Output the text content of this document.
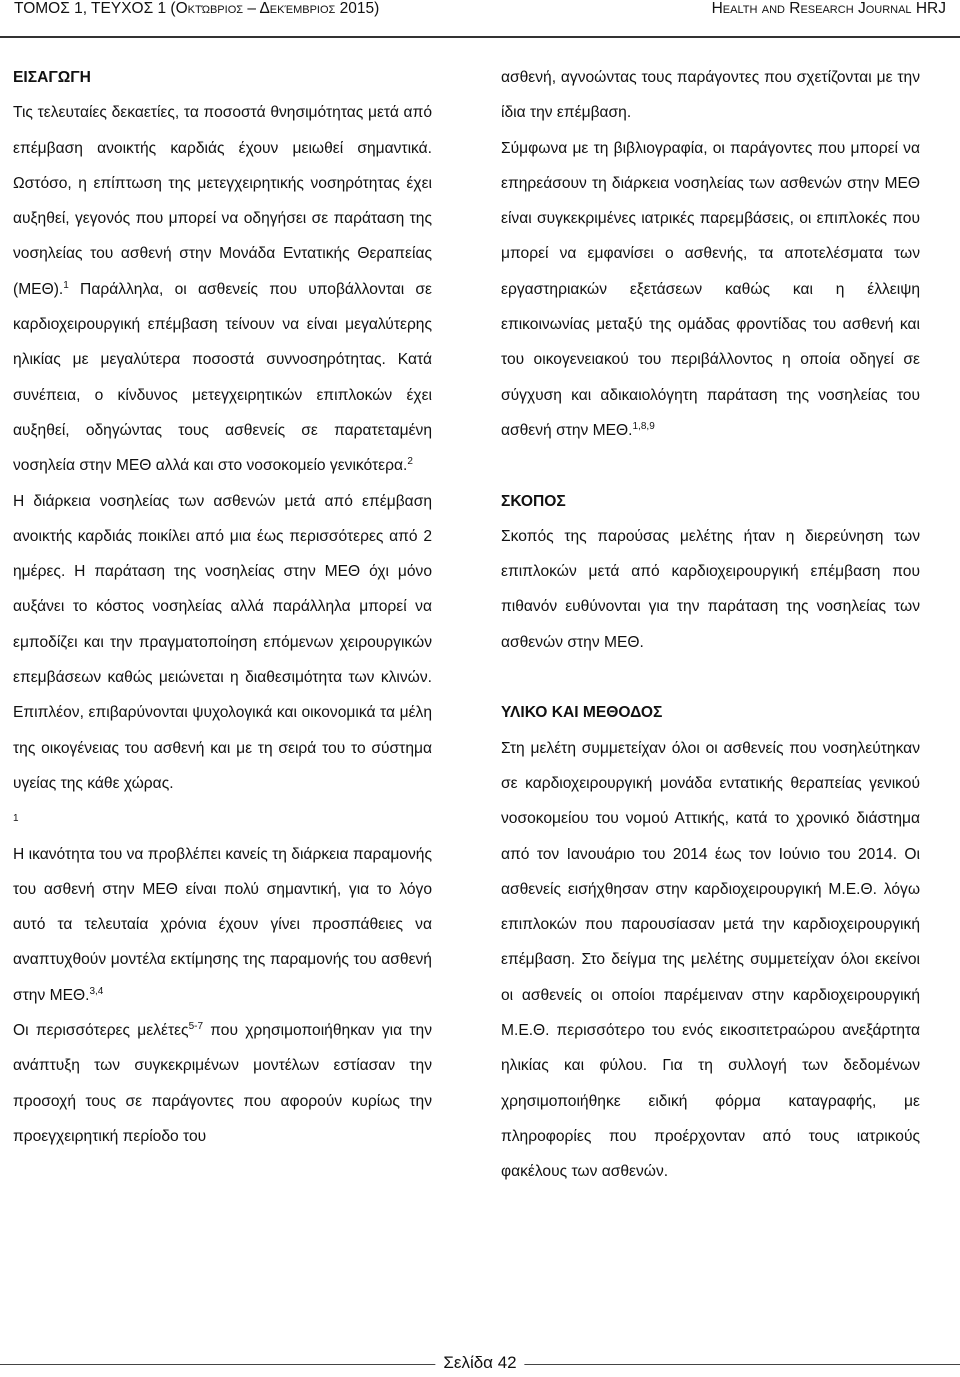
ΤΟΜΟΣ 1, ΤΕΥΧΟΣ 1 (Οκτώβριος – Δεκέμβριος 2015)	Health and Research Journal HRJ
ΕΙΣΑΓΩΓΗ

Τις τελευταίες δεκαετίες, τα ποσοστά θνησιμότητας μετά από επέμβαση ανοικτής καρδιάς έχουν μειωθεί σημαντικά. Ωστόσο, η επίπτωση της μετεγχειρητικής νοσηρότητας έχει αυξηθεί, γεγονός που μπορεί να οδηγήσει σε παράταση της νοσηλείας του ασθενή στην Μονάδα Εντατικής Θεραπείας (ΜΕΘ).$^1$ Παράλληλα, οι ασθενείς που υποβάλλονται σε καρδιοχειρουργική επέμβαση τείνουν να είναι μεγαλύτερης ηλικίας με μεγαλύτερα ποσοστά συννοσηρότητας. Κατά συνέπεια, ο κίνδυνος μετεγχειρητικών επιπλοκών έχει αυξηθεί, οδηγώντας τους ασθενείς σε παρατεταμένη νοσηλεία στην ΜΕΘ αλλά και στο νοσοκομείο γενικότερα.$^2$

Η διάρκεια νοσηλείας των ασθενών μετά από επέμβαση ανοικτής καρδιάς ποικίλει από μια έως περισσότερες από 2 ημέρες. Η παράταση της νοσηλείας στην ΜΕΘ όχι μόνο αυξάνει το κόστος νοσηλείας αλλά παράλληλα μπορεί να εμποδίζει και την πραγματοποίηση επόμενων χειρουργικών επεμβάσεων καθώς μειώνεται η διαθεσιμότητα των κλινών. Επιπλέον, επιβαρύνονται ψυχολογικά και οικονομικά τα μέλη της οικογένειας του ασθενή και με τη σειρά του το σύστημα υγείας της κάθε χώρας.

1

Η ικανότητα του να προβλέπει κανείς τη διάρκεια παραμονής του ασθενή στην ΜΕΘ είναι πολύ σημαντική, για το λόγο αυτό τα τελευταία χρόνια έχουν γίνει προσπάθειες να αναπτυχθούν μοντέλα εκτίμησης της παραμονής του ασθενή στην ΜΕΘ.$^{3,4}$

Οι περισσότερες μελέτες$^{5-7}$ που χρησιμοποιήθηκαν για την ανάπτυξη των συγκεκριμένων μοντέλων εστίασαν την προσοχή τους σε παράγοντες που αφορούν κυρίως την προεγχειρητική περίοδο του

ασθενή, αγνοώντας τους παράγοντες που σχετίζονται με την ίδια την επέμβαση.

Σύμφωνα με τη βιβλιογραφία, οι παράγοντες που μπορεί να επηρεάσουν τη διάρκεια νοσηλείας των ασθενών στην ΜΕΘ είναι συγκεκριμένες ιατρικές παρεμβάσεις, οι επιπλοκές που μπορεί να εμφανίσει ο ασθενής, τα αποτελέσματα των εργαστηριακών εξετάσεων καθώς και η έλλειψη επικοινωνίας μεταξύ της ομάδας φροντίδας του ασθενή και του οικογενειακού του περιβάλλοντος η οποία οδηγεί σε σύγχυση και αδικαιολόγητη παράταση της νοσηλείας του ασθενή στην ΜΕΘ.$^{1,8,9}$

ΣΚΟΠΟΣ

Σκοπός της παρούσας μελέτης ήταν η διερεύνηση των επιπλοκών μετά από καρδιοχειρουργική επέμβαση που πιθανόν ευθύνονται για την παράταση της νοσηλείας των ασθενών στην ΜΕΘ.

ΥΛΙΚΟ ΚΑΙ ΜΕΘΟΔΟΣ

Στη μελέτη συμμετείχαν όλοι οι ασθενείς που νοσηλεύτηκαν σε καρδιοχειρουργική μονάδα εντατικής θεραπείας γενικού νοσοκομείου του νομού Αττικής, κατά το χρονικό διάστημα από τον Ιανουάριο του 2014 έως τον Ιούνιο του 2014. Οι ασθενείς εισήχθησαν στην καρδιοχειρουργική Μ.Ε.Θ. λόγω επιπλοκών που παρουσίασαν μετά την καρδιοχειρουργική επέμβαση. Στο δείγμα της μελέτης συμμετείχαν όλοι εκείνοι οι ασθενείς οι οποίοι παρέμειναν στην καρδιοχειρουργική Μ.Ε.Θ. περισσότερο του ενός εικοσιτετραώρου ανεξάρτητα ηλικίας και φύλου. Για τη συλλογή των δεδομένων χρησιμοποιήθηκε ειδική φόρμα καταγραφής, με πληροφορίες που προέρχονταν από τους ιατρικούς φακέλους των ασθενών.

Σελίδα 42
